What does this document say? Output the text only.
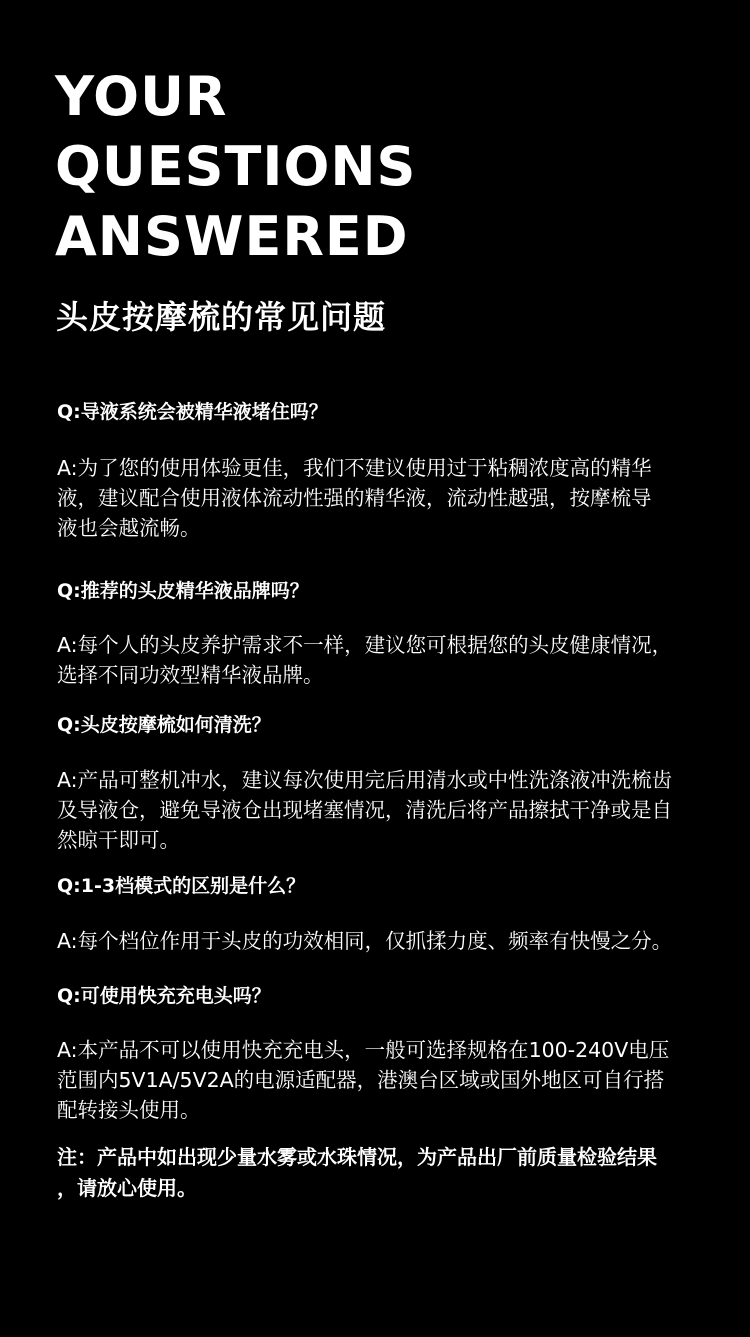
YOUR
QUESTIONS
ANSWERED
头皮按摩梳的常见问题
Q:导液系统会被精华液堵住吗？
A:为了您的使用体验更佳，我们不建议使用过于粘稠浓度高的精华
液，建议配合使用液体流动性强的精华液，流动性越强，按摩梳导
液也会越流畅。
Q:推荐的头皮精华液品牌吗？
A:每个人的头皮养护需求不一样，建议您可根据您的头皮健康情况，
选择不同功效型精华液品牌。
Q:头皮按摩梳如何清洗？
A:产品可整机冲水，建议每次使用完后用清水或中性洗涤液冲洗梳齿
及导液仓，避免导液仓出现堵塞情况，清洗后将产品擦拭干净或是自
然晾干即可。
Q:1-3档模式的区别是什么？
A:每个档位作用于头皮的功效相同，仅抓揉力度、频率有快慢之分。
Q:可使用快充充电头吗？
A:本产品不可以使用快充充电头，一般可选择规格在100-240V电压
范围内5V1A/5V2A的电源适配器，港澳台区域或国外地区可自行搭
配转接头使用。
注：产品中如出现少量水雾或水珠情况，为产品出厂前质量检验结果
，请放心使用。
